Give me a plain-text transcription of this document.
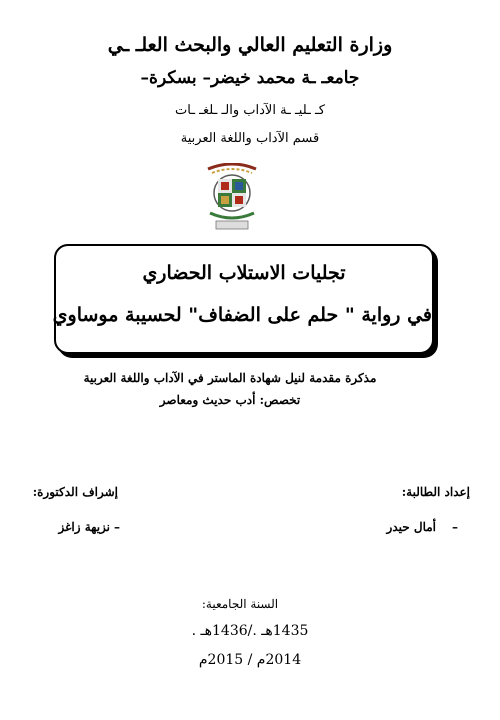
وزارة التعليم العالي والبحث العلـ ـي
جامعـ ـة محمد خيضر– بسكرة–
كـ ـليـ ـة الآداب والـ ـلغـ ـات
قسم الآداب واللغة العربية
تجليات الاستلاب الحضاري
في رواية " حلم على الضفاف" لحسيبة موساوي
مذكرة مقدمة لنيل شهادة الماستر في الآداب واللغة العربية
تخصص: أدب حديث ومعاصر
إعداد الطالبة:
إشراف الدكتورة:
أمال حيدر –
نزيهة زاغز –
السنة الجامعية:
1435هـ ./1436هـ .
2014م / 2015م
